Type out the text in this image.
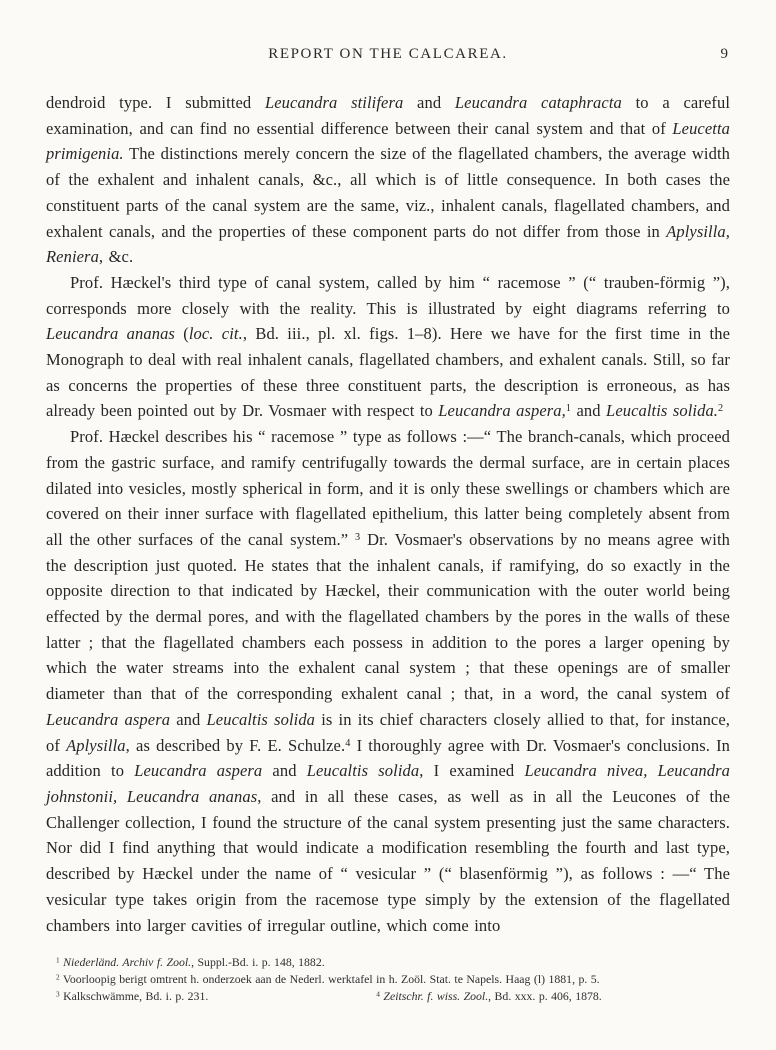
REPORT ON THE CALCAREA.	9

dendroid type. I submitted Leucandra stilifera and Leucandra cataphracta to a careful examination, and can find no essential difference between their canal system and that of Leucetta primigenia. The distinctions merely concern the size of the flagellated chambers, the average width of the exhalent and inhalent canals, &c., all which is of little consequence. In both cases the constituent parts of the canal system are the same, viz., inhalent canals, flagellated chambers, and exhalent canals, and the properties of these component parts do not differ from those in Aplysilla, Reniera, &c.

Prof. Hæckel's third type of canal system, called by him “ racemose ” (“ trauben-förmig ”), corresponds more closely with the reality. This is illustrated by eight diagrams referring to Leucandra ananas (loc. cit., Bd. iii., pl. xl. figs. 1–8). Here we have for the first time in the Monograph to deal with real inhalent canals, flagellated chambers, and exhalent canals. Still, so far as concerns the properties of these three constituent parts, the description is erroneous, as has already been pointed out by Dr. Vosmaer with respect to Leucandra aspera,$^1$ and Leucaltis solida.$^2$

Prof. Hæckel describes his “ racemose ” type as follows :—“ The branch-canals, which proceed from the gastric surface, and ramify centrifugally towards the dermal surface, are in certain places dilated into vesicles, mostly spherical in form, and it is only these swellings or chambers which are covered on their inner surface with flagellated epithelium, this latter being completely absent from all the other surfaces of the canal system.” $^3$ Dr. Vosmaer's observations by no means agree with the description just quoted. He states that the inhalent canals, if ramifying, do so exactly in the opposite direction to that indicated by Hæckel, their communication with the outer world being effected by the dermal pores, and with the flagellated chambers by the pores in the walls of these latter ; that the flagellated chambers each possess in addition to the pores a larger opening by which the water streams into the exhalent canal system ; that these openings are of smaller diameter than that of the corresponding exhalent canal ; that, in a word, the canal system of Leucandra aspera and Leucaltis solida is in its chief characters closely allied to that, for instance, of Aplysilla, as described by F. E. Schulze.$^4$ I thoroughly agree with Dr. Vosmaer's conclusions. In addition to Leucandra aspera and Leucaltis solida, I examined Leucandra nivea, Leucandra johnstonii, Leucandra ananas, and in all these cases, as well as in all the Leucones of the Challenger collection, I found the structure of the canal system presenting just the same characters. Nor did I find anything that would indicate a modification resembling the fourth and last type, described by Hæckel under the name of “ vesicular ” (“ blasenförmig ”), as follows : —“ The vesicular type takes origin from the racemose type simply by the extension of the flagellated chambers into larger cavities of irregular outline, which come into

$^1$ Niederländ. Archiv f. Zool., Suppl.-Bd. i. p. 148, 1882.
$^2$ Voorloopig berigt omtrent h. onderzoek aan de Nederl. werktafel in h. Zoöl. Stat. te Napels. Haag (l) 1881, p. 5.
$^3$ Kalkschwämme, Bd. i. p. 231.	$^4$ Zeitschr. f. wiss. Zool., Bd. xxx. p. 406, 1878.
